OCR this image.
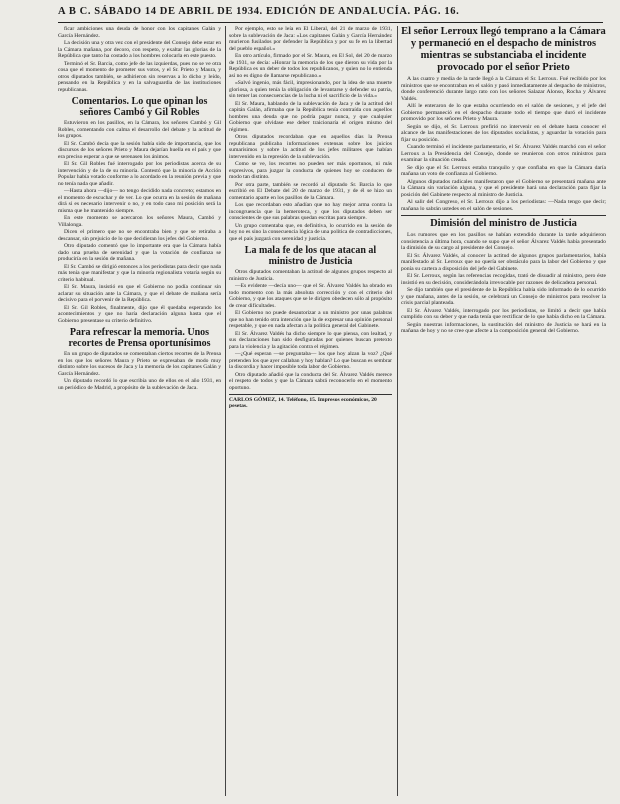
A B C. SÁBADO 14 DE ABRIL DE 1934. EDICIÓN DE ANDALUCÍA. PÁG. 16.

ficar ambiciones una deuda de honor con los capitanes Galán y García Hernández.

La decisión una y otra vez con el presidente del Consejo debe estar en la Cámara mañana, por decoro, con respeto, y exaltar las glorias de la República que tanto ha costado a los hombres colocarla en este puesto.

Terminó el Sr. Barcia, como jefe de las izquierdas, pues no se ve otra cosa que el momento de prometer sus votos, y el Sr. Prieto y Maura, y otros diputados también, se adhirieron sin reservas a lo dicho y leído, pensando en la República y en la salvaguardia de las instituciones republicanas.

Comentarios. Lo que opinan los señores Cambó y Gil Robles

Estuvieron en los pasillos, en la Cámara, los señores Cambó y Gil Robles, comentando con calma el desarrollo del debate y la actitud de los grupos.

El Sr. Cambó decía que la sesión había sido de importancia, que los discursos de los señores Prieto y Maura dejarían huella en el país y que era preciso esperar a que se serenasen los ánimos.

El Sr. Gil Robles fué interrogado por los periodistas acerca de su intervención y de la de su minoría. Contestó que la minoría de Acción Popular había votado conforme a lo acordado en la reunión previa y que no tenía nada que añadir.

—Hasta ahora —dijo— no tengo decidido nada concreto; estamos en el momento de escuchar y de ver. Lo que ocurra en la sesión de mañana dirá si es necesario intervenir o no, y en todo caso mi posición será la misma que he mantenido siempre.

En este momento se acercaron los señores Maura, Cambó y Villalonga.

Dicen el primero que no se encontraba bien y que se retiraba a descansar, sin prejuicio de lo que decidieran los jefes del Gobierno.

Otro diputado comentó que lo importante era que la Cámara había dado una prueba de serenidad y que la votación de confianza se produciría en la sesión de mañana.

El Sr. Cambó se dirigió entonces a los periodistas para decir que nada más tenía que manifestar y que la minoría regionalista votaría según su criterio habitual.

El Sr. Maura, insistió en que el Gobierno no podía continuar sin aclarar su situación ante la Cámara, y que el debate de mañana sería decisivo para el porvenir de la República.

El Sr. Gil Robles, finalmente, dijo que él quedaba esperando los acontecimientos y que no haría declaración alguna hasta que el Gobierno presentase su criterio definitivo.

Para refrescar la memoria. Unos recortes de Prensa oportunísimos

En un grupo de diputados se comentaban ciertos recortes de la Prensa en los que los señores Maura y Prieto se expresaban de modo muy distinto sobre los sucesos de Jaca y la memoria de los capitanes Galán y García Hernández.

Un diputado recordó lo que escribía uno de ellos en el año 1931, en un periódico de Madrid, a propósito de la sublevación de Jaca.

Por ejemplo, esto se leía en El Liberal, del 21 de marzo de 1931, sobre la sublevación de Jaca: «Los capitanes Galán y García Hernández murieron fusilados por defender la República y por su fe en la libertad del pueblo español.»

En otro artículo, firmado por el Sr. Maura, en El Sol, del 20 de marzo de 1931, se decía: «Honrar la memoria de los que dieron su vida por la República es un deber de todos los republicanos, y quien no lo entienda así no es digno de llamarse republicano.»

«Salvó ingenio, más fácil, impresionando, por la idea de una muerte gloriosa, a quien tenía la obligación de levantarse y defender su patria, sin temer las consecuencias de la lucha ni el sacrificio de la vida.»

El Sr. Maura, hablando de la sublevación de Jaca y de la actitud del capitán Galán, afirmaba que la República tenía contraída con aquellos hombres una deuda que no podría pagar nunca, y que cualquier Gobierno que olvidase ese deber traicionaría el origen mismo del régimen.

Otros diputados recordaban que en aquellos días la Prensa republicana publicaba informaciones extensas sobre los juicios sumarísimos y sobre la actitud de los jefes militares que habían intervenido en la represión de la sublevación.

Como se ve, los recortes no pueden ser más oportunos, ni más expresivos, para juzgar la conducta de quienes hoy se conducen de modo tan distinto.

Por otra parte, también se recordó al diputado Sr. Barcia lo que escribió en El Debate del 20 de marzo de 1931, y de él se hizo un comentario aparte en los pasillos de la Cámara.

Los que recordaban esto añadían que no hay mejor arma contra la incongruencia que la hemeroteca, y que los diputados deben ser conscientes de que sus palabras quedan escritas para siempre.

Un grupo comentaba que, en definitiva, lo ocurrido en la sesión de hoy no es sino la consecuencia lógica de una política de contradicciones, que el país juzgará con serenidad y justicia.

La mala fe de los que atacan al ministro de Justicia

Otros diputados comentaban la actitud de algunos grupos respecto al ministro de Justicia.

—Es evidente —decía uno— que el Sr. Álvarez Valdés ha obrado en todo momento con la más absoluta corrección y con el criterio del Gobierno, y que los ataques que se le dirigen obedecen sólo al propósito de crear dificultades.

El Gobierno no puede desautorizar a un ministro por unas palabras que no han tenido otra intención que la de expresar una opinión personal respetable, y que en nada afectan a la política general del Gabinete.

El Sr. Álvarez Valdés ha dicho siempre lo que piensa, con lealtad, y sus declaraciones han sido desfiguradas por quienes buscan pretexto para la violencia y la agitación contra el régimen.

—¿Qué esperan —se preguntaba— los que hoy alzan la voz? ¿Qué pretenden los que ayer callaban y hoy hablan? Lo que buscan es sembrar la discordia y hacer imposible toda labor de Gobierno.

Otro diputado añadió que la conducta del Sr. Álvarez Valdés merece el respeto de todos y que la Cámara sabrá reconocerlo en el momento oportuno.

CARLOS GÓMEZ, 14. Teléfono, 15. Impresos económicos, 20 pesetas.
El señor Lerroux llegó temprano a la Cámara y permaneció en el despacho de ministros mientras se substanciaba el incidente provocado por el señor Prieto

A las cuatro y media de la tarde llegó a la Cámara el Sr. Lerroux. Fué recibido por los ministros que se encontraban en el salón y pasó inmediatamente al despacho de ministros, donde conferenció durante largo rato con los señores Salazar Alonso, Rocha y Álvarez Valdés.

Allí le enteraron de lo que estaba ocurriendo en el salón de sesiones, y el jefe del Gobierno permaneció en el despacho durante todo el tiempo que duró el incidente promovido por los señores Prieto y Maura.

Según se dijo, el Sr. Lerroux prefirió no intervenir en el debate hasta conocer el alcance de las manifestaciones de los diputados socialistas, y aguardar la votación para fijar su posición.

Cuando terminó el incidente parlamentario, el Sr. Álvarez Valdés marchó con el señor Lerroux a la Presidencia del Consejo, donde se reunieron con otros ministros para examinar la situación creada.

Se dijo que el Sr. Lerroux estaba tranquilo y que confiaba en que la Cámara daría mañana un voto de confianza al Gobierno.

Algunos diputados radicales manifestaron que el Gobierno se presentará mañana ante la Cámara sin variación alguna, y que el presidente hará una declaración para fijar la posición del Gabinete respecto al ministro de Justicia.

Al salir del Congreso, el Sr. Lerroux dijo a los periodistas: —Nada tengo que decir; mañana lo sabrán ustedes en el salón de sesiones.

Dimisión del ministro de Justicia

Los rumores que en los pasillos se habían extendido durante la tarde adquirieron consistencia a última hora, cuando se supo que el señor Álvarez Valdés había presentado la dimisión de su cargo al presidente del Consejo.

El Sr. Álvarez Valdés, al conocer la actitud de algunos grupos parlamentarios, había manifestado al Sr. Lerroux que no quería ser obstáculo para la labor del Gobierno y que ponía su cartera a disposición del jefe del Gabinete.

El Sr. Lerroux, según las referencias recogidas, trató de disuadir al ministro, pero éste insistió en su decisión, considerándola irrevocable por razones de delicadeza personal.

Se dijo también que el presidente de la República había sido informado de lo ocurrido y que mañana, antes de la sesión, se celebrará un Consejo de ministros para resolver la crisis parcial planteada.

El Sr. Álvarez Valdés, interrogado por los periodistas, se limitó a decir que había cumplido con su deber y que nada tenía que rectificar de lo que había dicho en la Cámara.

Según nuestras informaciones, la sustitución del ministro de Justicia se hará en la mañana de hoy y no se cree que afecte a la composición general del Gobierno.
